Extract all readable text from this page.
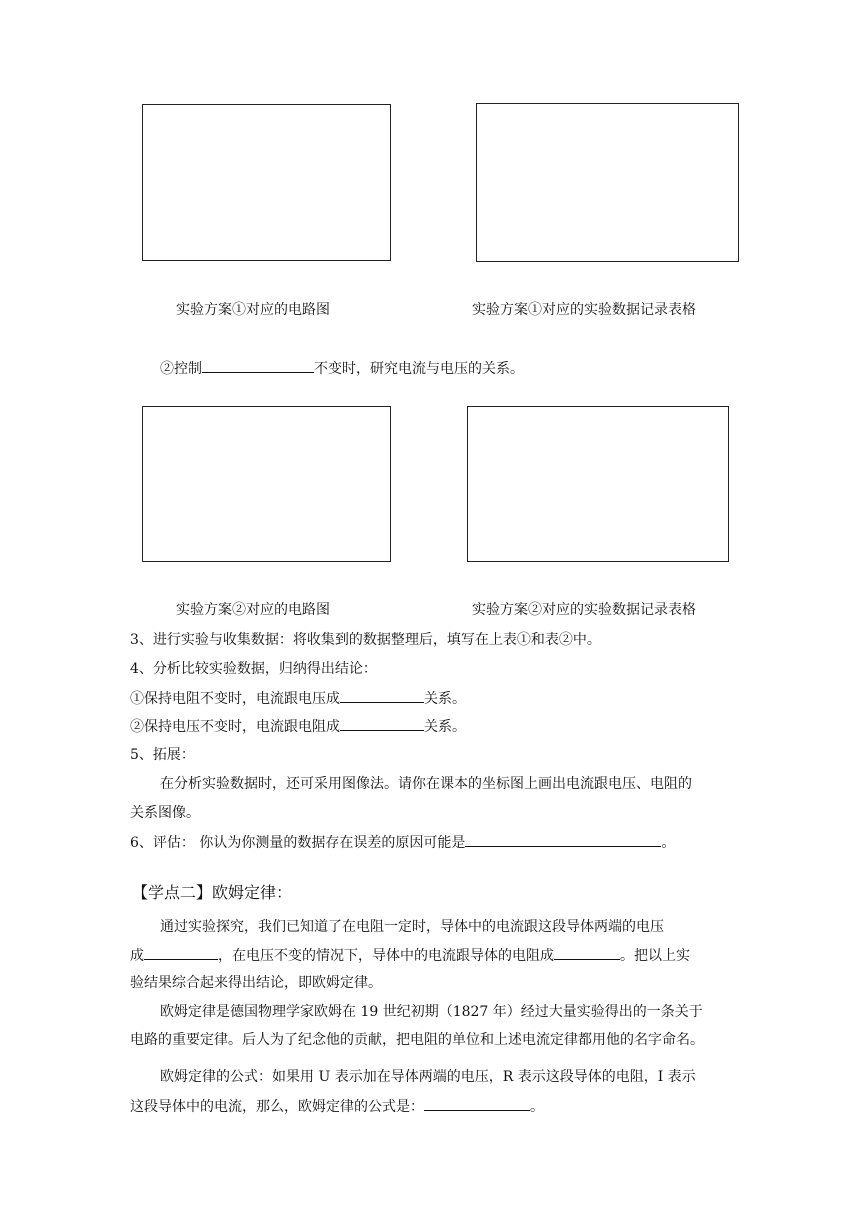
实验方案①对应的电路图	实验方案①对应的实验数据记录表格
②控制	不变时，研究电流与电压的关系。
实验方案②对应的电路图	实验方案②对应的实验数据记录表格
3、进行实验与收集数据：将收集到的数据整理后，填写在上表①和表②中。
4、分析比较实验数据，归纳得出结论：
①保持电阻不变时，电流跟电压成	关系。
②保持电压不变时，电流跟电阻成	关系。
5、拓展：
在分析实验数据时，还可采用图像法。请你在课本的坐标图上画出电流跟电压、电阻的
关系图像。
6、评估： 你认为你测量的数据存在误差的原因可能是	。
【学点二】欧姆定律：
通过实验探究，我们已知道了在电阻一定时，导体中的电流跟这段导体两端的电压
成	，在电压不变的情况下，导体中的电流跟导体的电阻成	。把以上实
验结果综合起来得出结论，即欧姆定律。
欧姆定律是德国物理学家欧姆在 19 世纪初期（1827 年）经过大量实验得出的一条关于
电路的重要定律。后人为了纪念他的贡献，把电阻的单位和上述电流定律都用他的名字命名。
欧姆定律的公式：如果用 U 表示加在导体两端的电压，R 表示这段导体的电阻，I 表示
这段导体中的电流，那么，欧姆定律的公式是：	。
